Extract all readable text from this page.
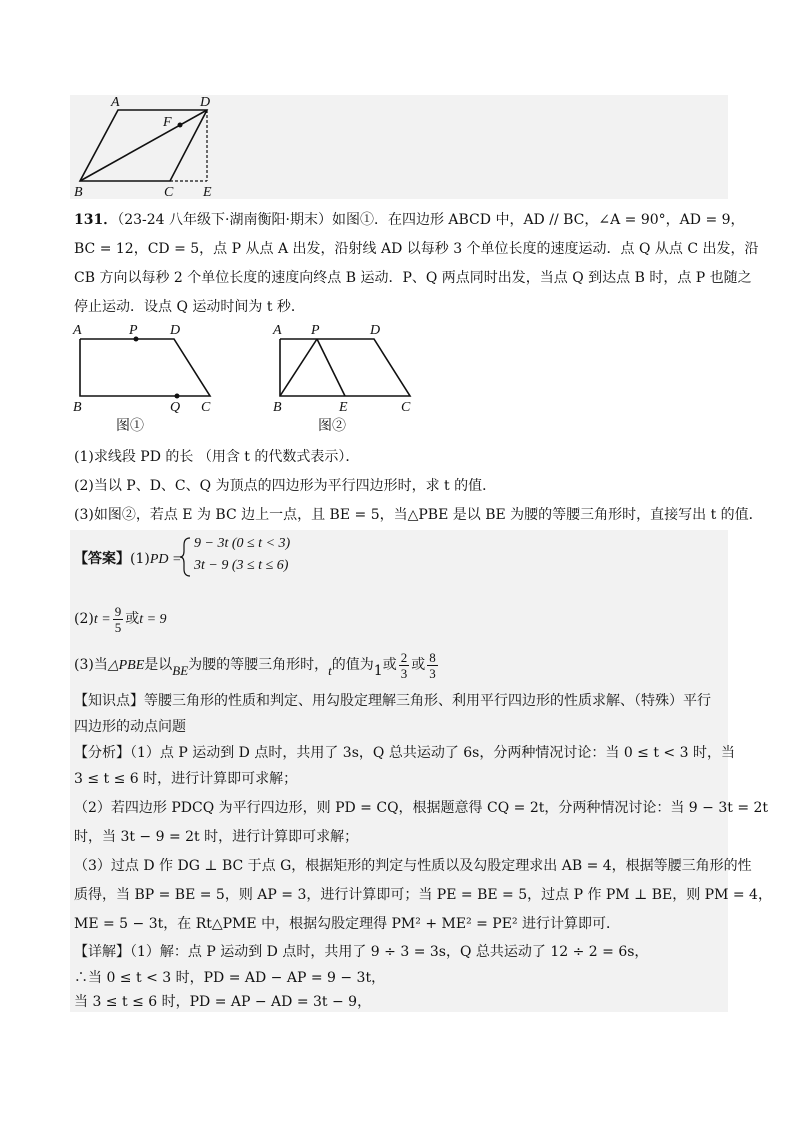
A	D
F
B	C E
131．（23-24 八年级下·湖南衡阳·期末）如图①．在四边形 ABCD 中，AD // BC，∠A = 90°，AD = 9，
BC = 12，CD = 5，点 P 从点 A 出发，沿射线 AD 以每秒 3 个单位长度的速度运动．点 Q 从点 C 出发，沿
CB 方向以每秒 2 个单位长度的速度向终点 B 运动．P、Q 两点同时出发，当点 Q 到达点 B 时，点 P 也随之
停止运动．设点 Q 运动时间为 t 秒．
A	P D
B	Q C
图①
A P	D
B	E	C
图②
(1)求线段 PD 的长 （用含 t 的代数式表示）．
(2)当以 P、D、C、Q 为顶点的四边形为平行四边形时，求 t 的值．
(3)如图②，若点 E 为 BC 边上一点，且 BE = 5，当△PBE 是以 BE 为腰的等腰三角形时，直接写出 t 的值．
【答案】(1)PD =
9 − 3t (0 ≤ t < 3)
3t − 9 (3 ≤ t ≤ 6)
$(2)t = \frac{9}{5}$ 或t = 9
(3)当△PBE是以BE为腰的等腰三角形时，t的值为1或 $\frac{2}{3}$ 或 $\frac{8}{3}$
【知识点】等腰三角形的性质和判定、用勾股定理解三角形、利用平行四边形的性质求解、（特殊）平行
四边形的动点问题
【分析】（1）点 P 运动到 D 点时，共用了 3s，Q 总共运动了 6s，分两种情况讨论：当 0 ≤ t < 3 时，当
3 ≤ t ≤ 6 时，进行计算即可求解；
（2）若四边形 PDCQ 为平行四边形，则 PD = CQ，根据题意得 CQ = 2t，分两种情况讨论：当 9 − 3t = 2t
时，当 3t − 9 = 2t 时，进行计算即可求解；
（3）过点 D 作 DG ⊥ BC 于点 G，根据矩形的判定与性质以及勾股定理求出 AB = 4，根据等腰三角形的性
质得，当 BP = BE = 5，则 AP = 3，进行计算即可；当 PE = BE = 5，过点 P 作 PM ⊥ BE，则 PM = 4，
ME = 5 − 3t，在 Rt△PME 中，根据勾股定理得 PM² + ME² = PE² 进行计算即可．
【详解】（1）解：点 P 运动到 D 点时，共用了 9 ÷ 3 = 3s，Q 总共运动了 12 ÷ 2 = 6s，
∴当 0 ≤ t < 3 时，PD = AD − AP = 9 − 3t，
当 3 ≤ t ≤ 6 时，PD = AP − AD = 3t − 9，
